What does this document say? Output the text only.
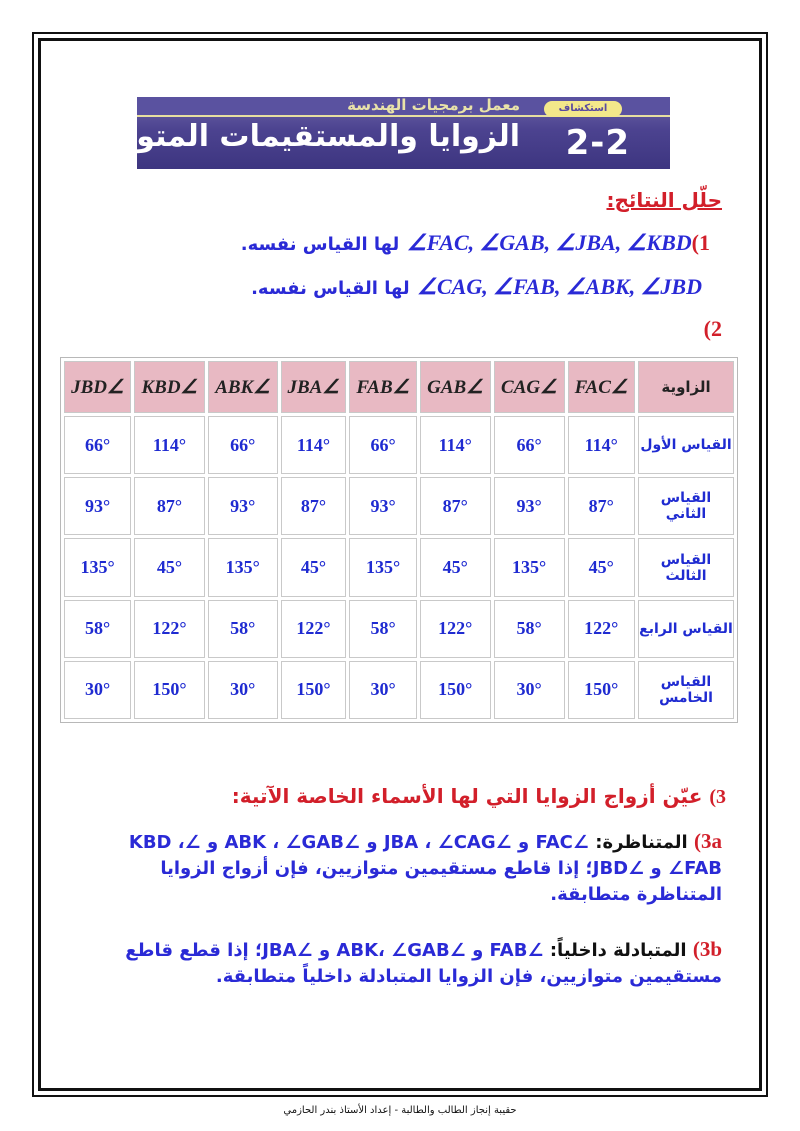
استكشاف
معمل برمجيات الهندسة
2-2
الزوايا والمستقيمات المتوازية
حلّل النتائج:
1)∠FAC, ∠GAB, ∠JBA, ∠KBD لها القياس نفسه.
∠CAG, ∠FAB, ∠ABK, ∠JBD لها القياس نفسه.
2)
الزاوية	∠FAC	∠CAG	∠GAB	∠FAB	∠JBA	∠ABK	∠KBD	∠JBD
القياس الأول	114°	66°	114°	66°	114°	66°	114°	66°
القياس الثاني	87°	93°	87°	93°	87°	93°	87°	93°
القياس الثالث	45°	135°	45°	135°	45°	135°	45°	135°
القياس الرابع	122°	58°	122°	58°	122°	58°	122°	58°
القياس الخامس	150°	30°	150°	30°	150°	30°	150°	30°
3) عيّن أزواج الزوايا التي لها الأسماء الخاصة الآتية:
3a) المتناظرة: ∠FAC و ∠JBA ، ∠CAG و ∠ABK ، ∠GAB و ∠KBD ، ∠FAB و ∠JBD؛ إذا قاطع مستقيمين متوازيين، فإن أزواج الزوايا المتناظرة متطابقة.
3b) المتبادلة داخلياً: ∠FAB و ∠ABK، ∠GAB و ∠JBA؛ إذا قطع قاطع مستقيمين متوازيين، فإن الزوايا المتبادلة داخلياً متطابقة.
حقيبة إنجاز الطالب والطالبة - إعداد الأستاذ بندر الحازمي
